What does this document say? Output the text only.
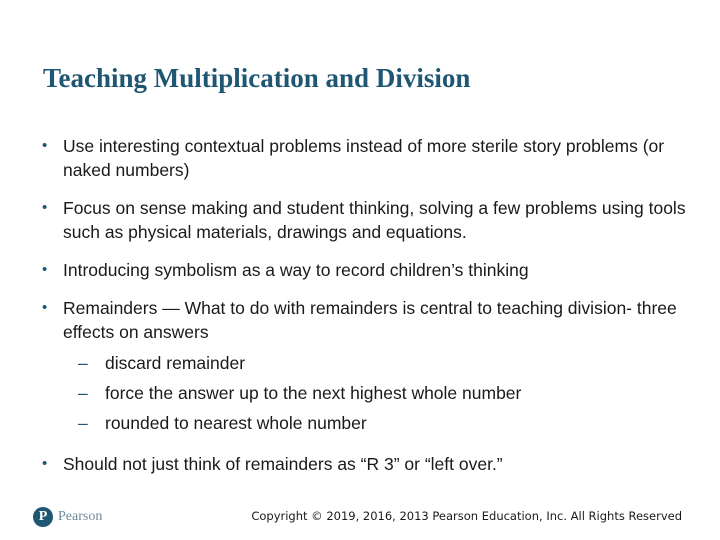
Teaching Multiplication and Division
• Use interesting contextual problems instead of more sterile story problems (or naked numbers)
• Focus on sense making and student thinking, solving a few problems using tools such as physical materials, drawings and equations.
• Introducing symbolism as a way to record children’s thinking
• Remainders — What to do with remainders is central to teaching division- three effects on answers
– discard remainder
– force the answer up to the next highest whole number
– rounded to nearest whole number
• Should not just think of remainders as “R 3” or “left over.”
P Pearson	Copyright © 2019, 2016, 2013 Pearson Education, Inc. All Rights Reserved
